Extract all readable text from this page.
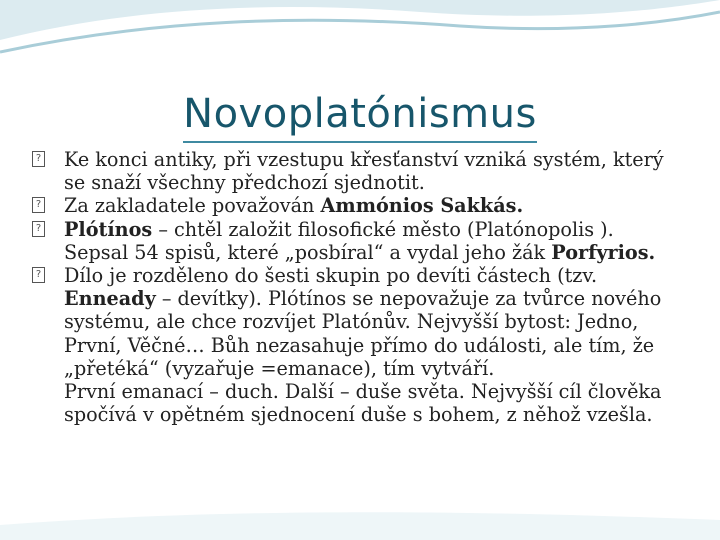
Novoplatónismus
?
Ke konci antiky, při vzestupu křesťanství vzniká systém, který se snaží všechny předchozí sjednotit.
?
Za zakladatele považován Ammónios Sakkás.
?
Plótínos – chtěl založit filosofické město (Platónopolis ). Sepsal 54 spisů, které „posbíral“ a vydal jeho žák Porfyrios.
?
Dílo je rozděleno do šesti skupin po devíti částech (tzv. Enneady – devítky). Plótínos se nepovažuje za tvůrce nového systému, ale chce rozvíjet Platónův. Nejvyšší bytost: Jedno, První, Věčné… Bůh nezasahuje přímo do události, ale tím, že „přetéká“ (vyzařuje =emanace), tím vytváří.
První emanací – duch. Další – duše světa. Nejvyšší cíl člověka spočívá v opětném sjednocení duše s bohem, z něhož vzešla.
